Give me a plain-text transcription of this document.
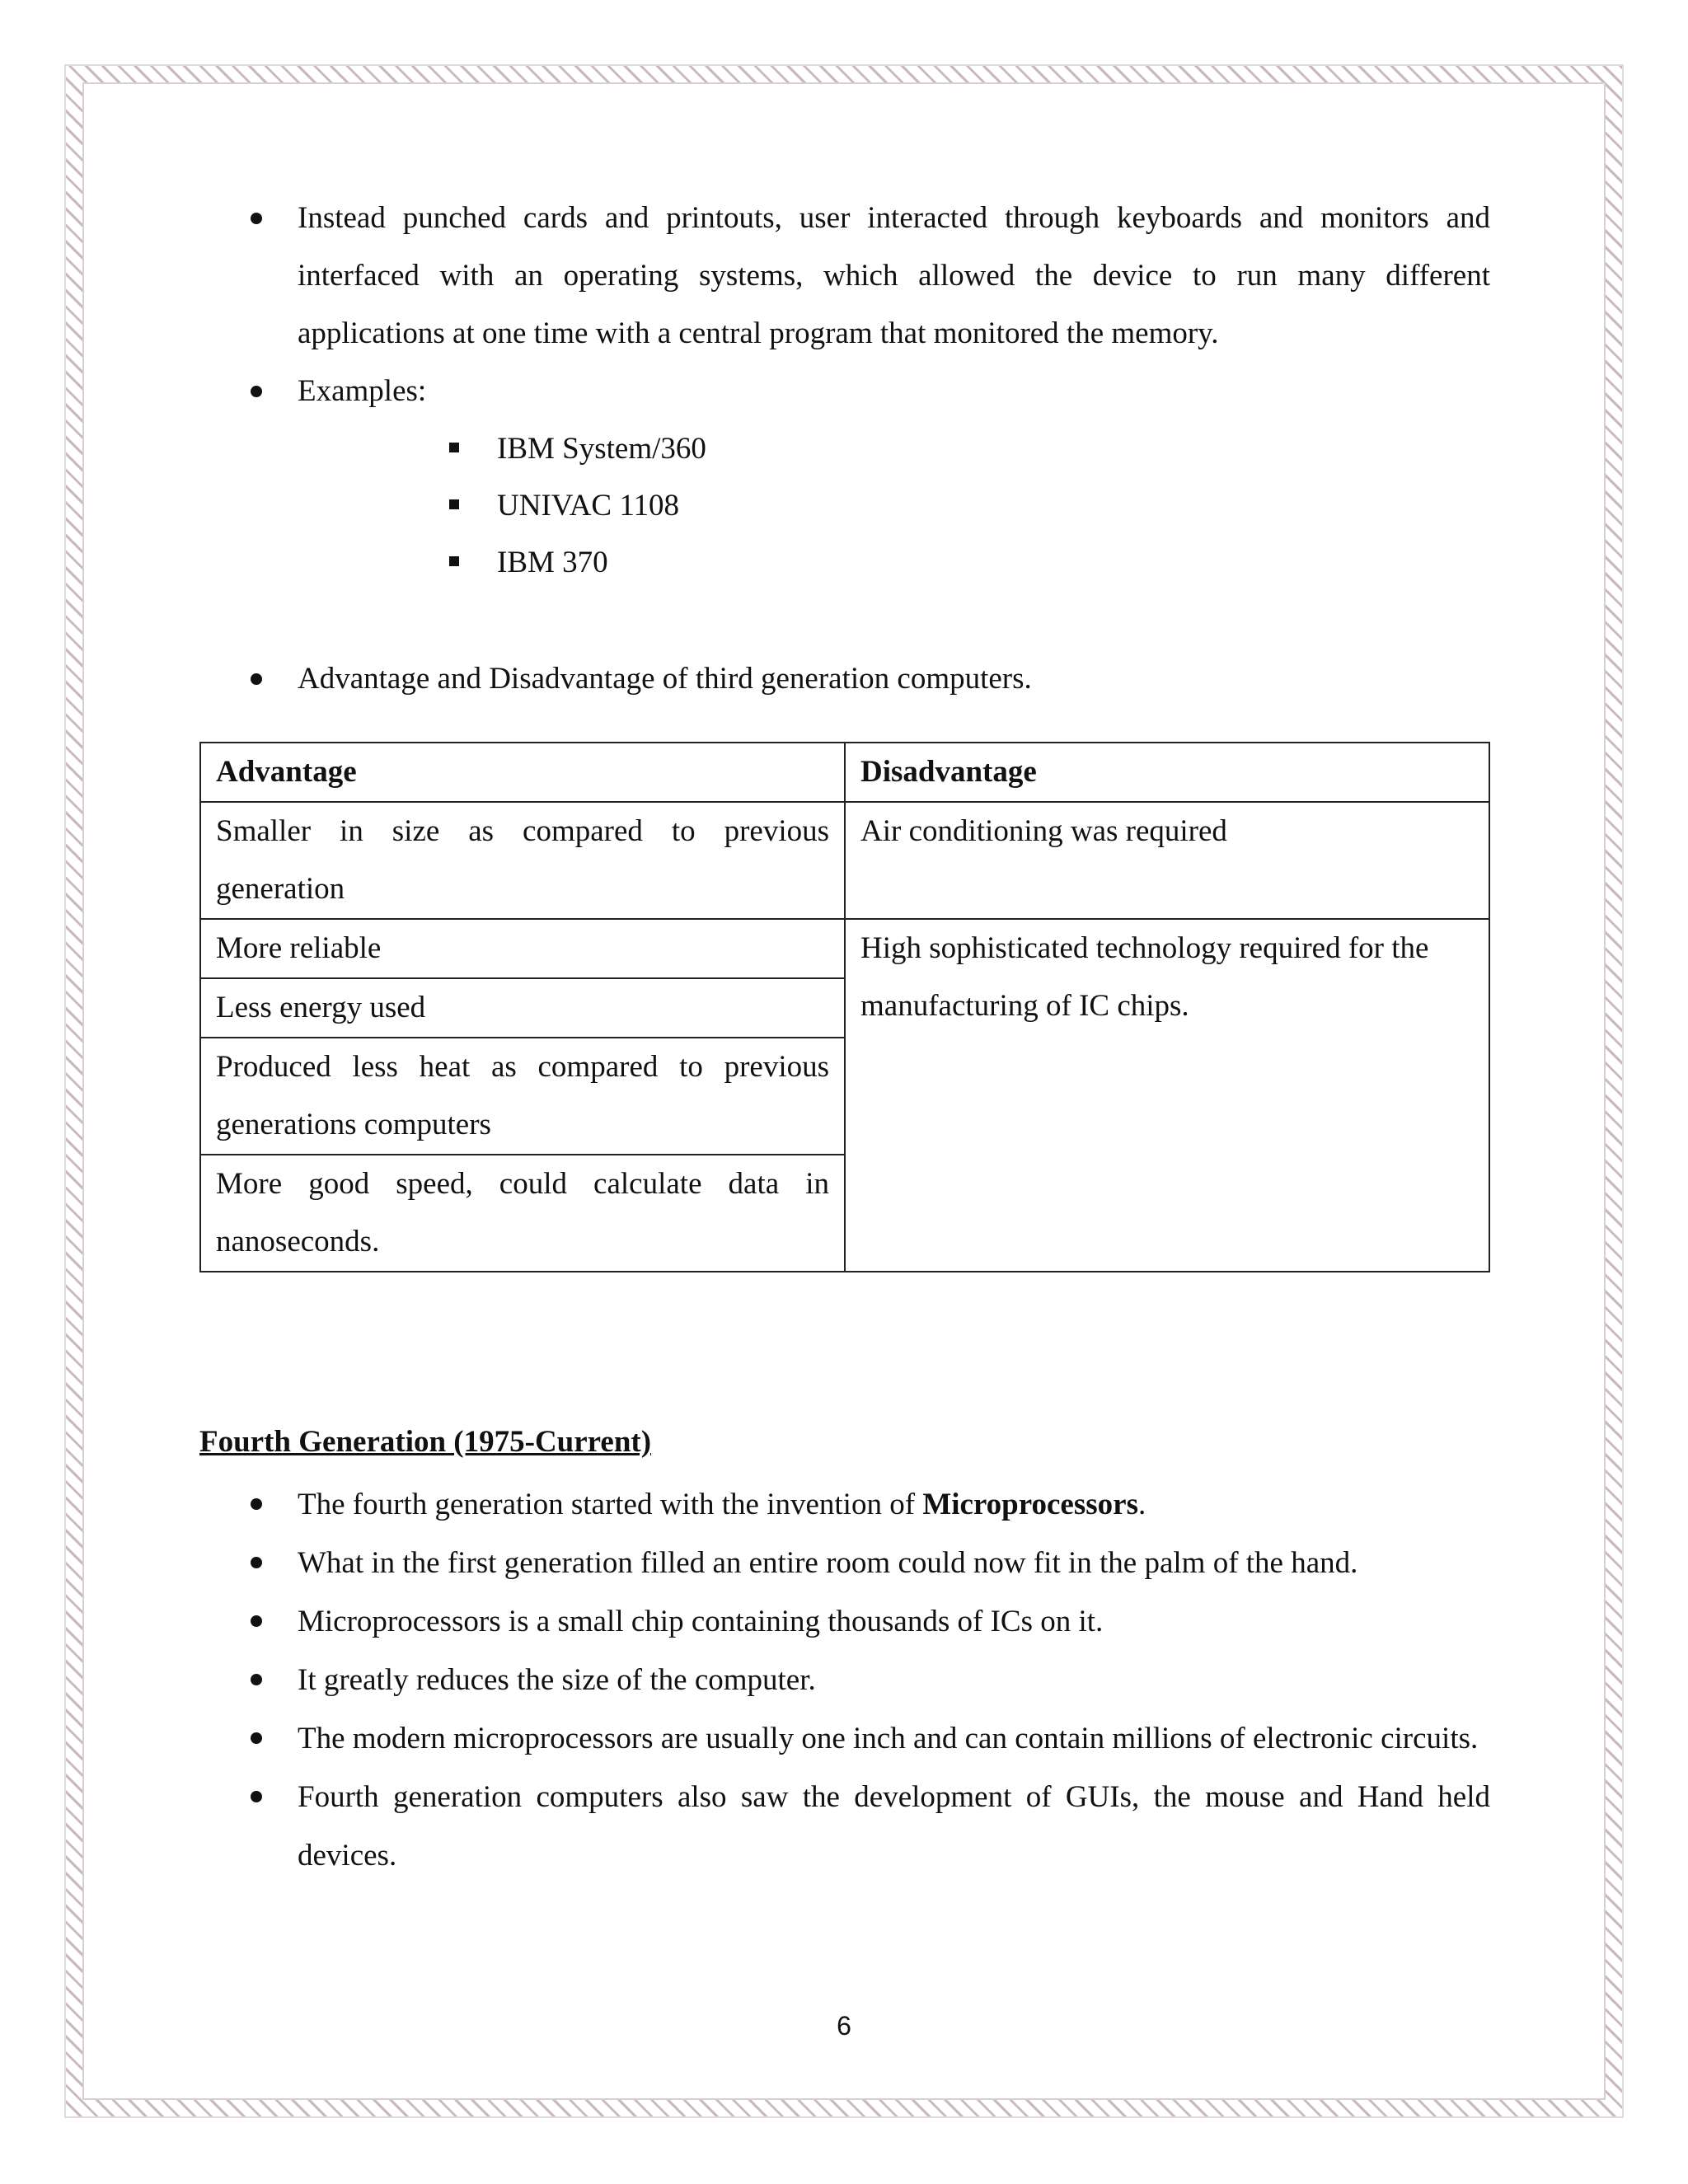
Instead punched cards and printouts, user interacted through keyboards and monitors and interfaced with an operating systems, which allowed the device to run many different applications at one time with a central program that monitored the memory.
Examples:
IBM System/360
UNIVAC 1108
IBM 370
Advantage and Disadvantage of third generation computers.
Advantage	Disadvantage
Smaller in size as compared to previous generation	Air conditioning was required
More reliable	High sophisticated technology required for the manufacturing of IC chips.
Less energy used	
Produced less heat as compared to previous generations computers	
More good speed, could calculate data in nanoseconds.	
Fourth Generation (1975-Current)
The fourth generation started with the invention of Microprocessors.
What in the first generation filled an entire room could now fit in the palm of the hand.
Microprocessors is a small chip containing thousands of ICs on it.
It greatly reduces the size of the computer.
The modern microprocessors are usually one inch and can contain millions of electronic circuits.
Fourth generation computers also saw the development of GUIs, the mouse and Hand held devices.
6
